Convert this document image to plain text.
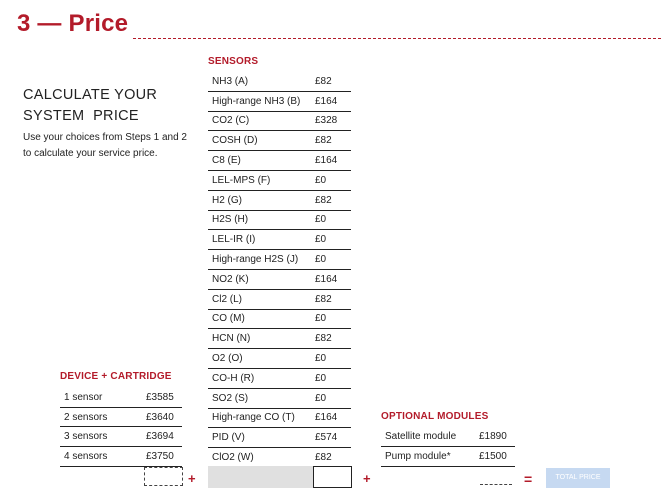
3 — Price
CALCULATE YOUR
SYSTEM  PRICE
Use your choices from Steps 1 and 2 to calculate your service price.
SENSORS
NH3 (A)	£82
High-range NH3 (B)	£164
CO2 (C)	£328
COSH (D)	£82
C8 (E)	£164
LEL-MPS (F)	£0
H2 (G)	£82
H2S (H)	£0
LEL-IR (I)	£0
High-range H2S (J)	£0
NO2 (K)	£164
Cl2 (L)	£82
CO (M)	£0
HCN (N)	£82
O2 (O)	£0
CO-H (R)	£0
SO2 (S)	£0
High-range CO (T)	£164
PID (V)	£574
ClO2 (W)	£82
DEVICE + CARTRIDGE
1 sensor	£3585
2 sensors	£3640
3 sensors	£3694
4 sensors	£3750
OPTIONAL MODULES
Satellite module	£1890
Pump module*	£1500
+	+	=	TOTAL PRICE
